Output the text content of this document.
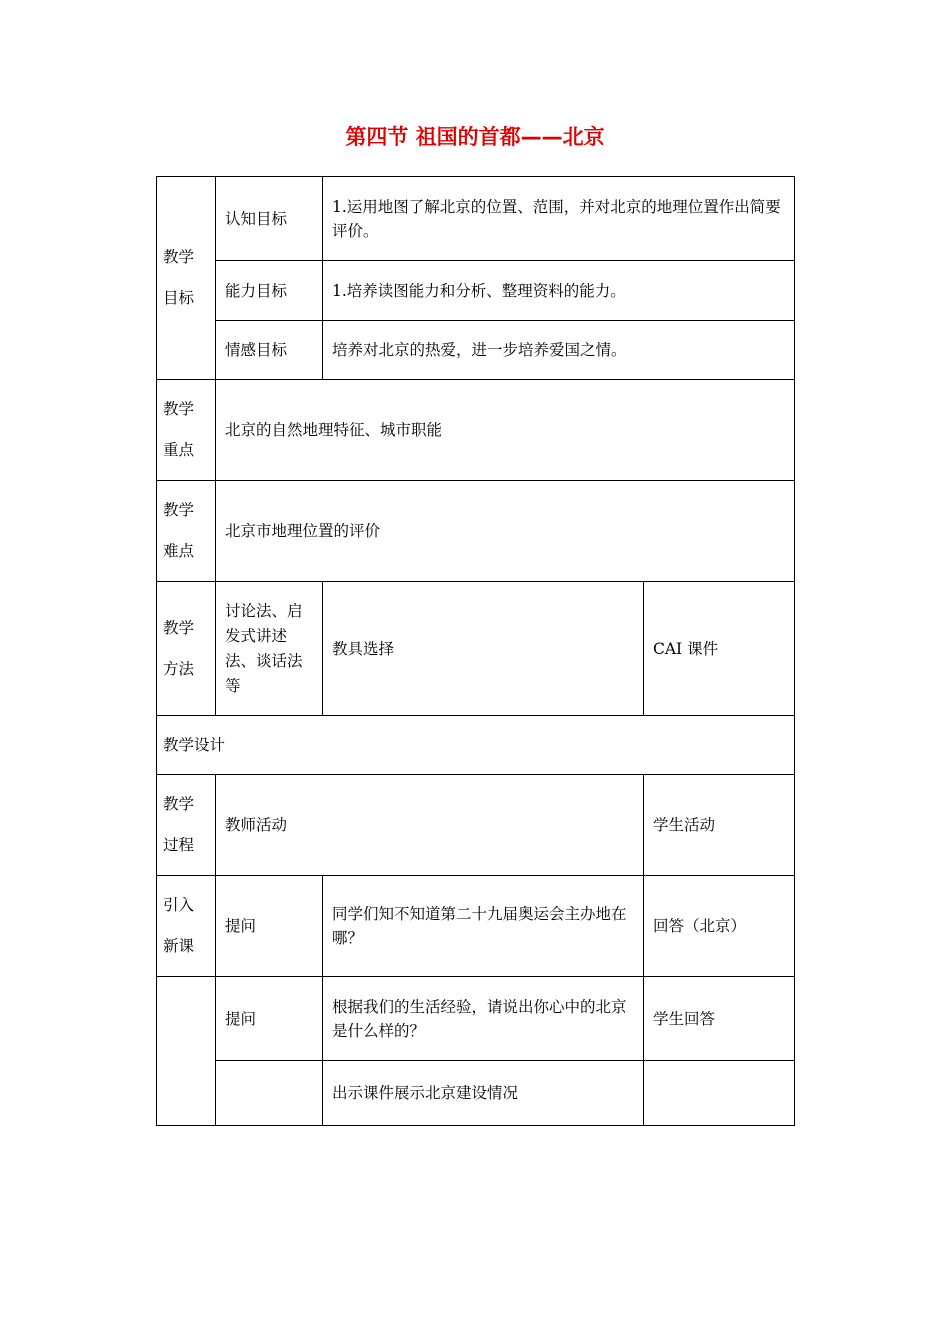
第四节 祖国的首都——北京
教学
目标	认知目标	1.运用地图了解北京的位置、范围，并对北京的地理位置作出简要评价。	
	能力目标	1.培养读图能力和分析、整理资料的能力。	
	情感目标	培养对北京的热爱，进一步培养爱国之情。	
教学
重点	北京的自然地理特征、城市职能		
教学
难点	北京市地理位置的评价		
教学
方法	讨论法、启发式讲述法、谈话法等	教具选择	CAI 课件
教学设计			
教学
过程	教师活动		学生活动
引入
新课	提问	同学们知不知道第二十九届奥运会主办地在哪？	回答（北京）
	提问	根据我们的生活经验，请说出你心中的北京是什么样的？	学生回答
		出示课件展示北京建设情况	
